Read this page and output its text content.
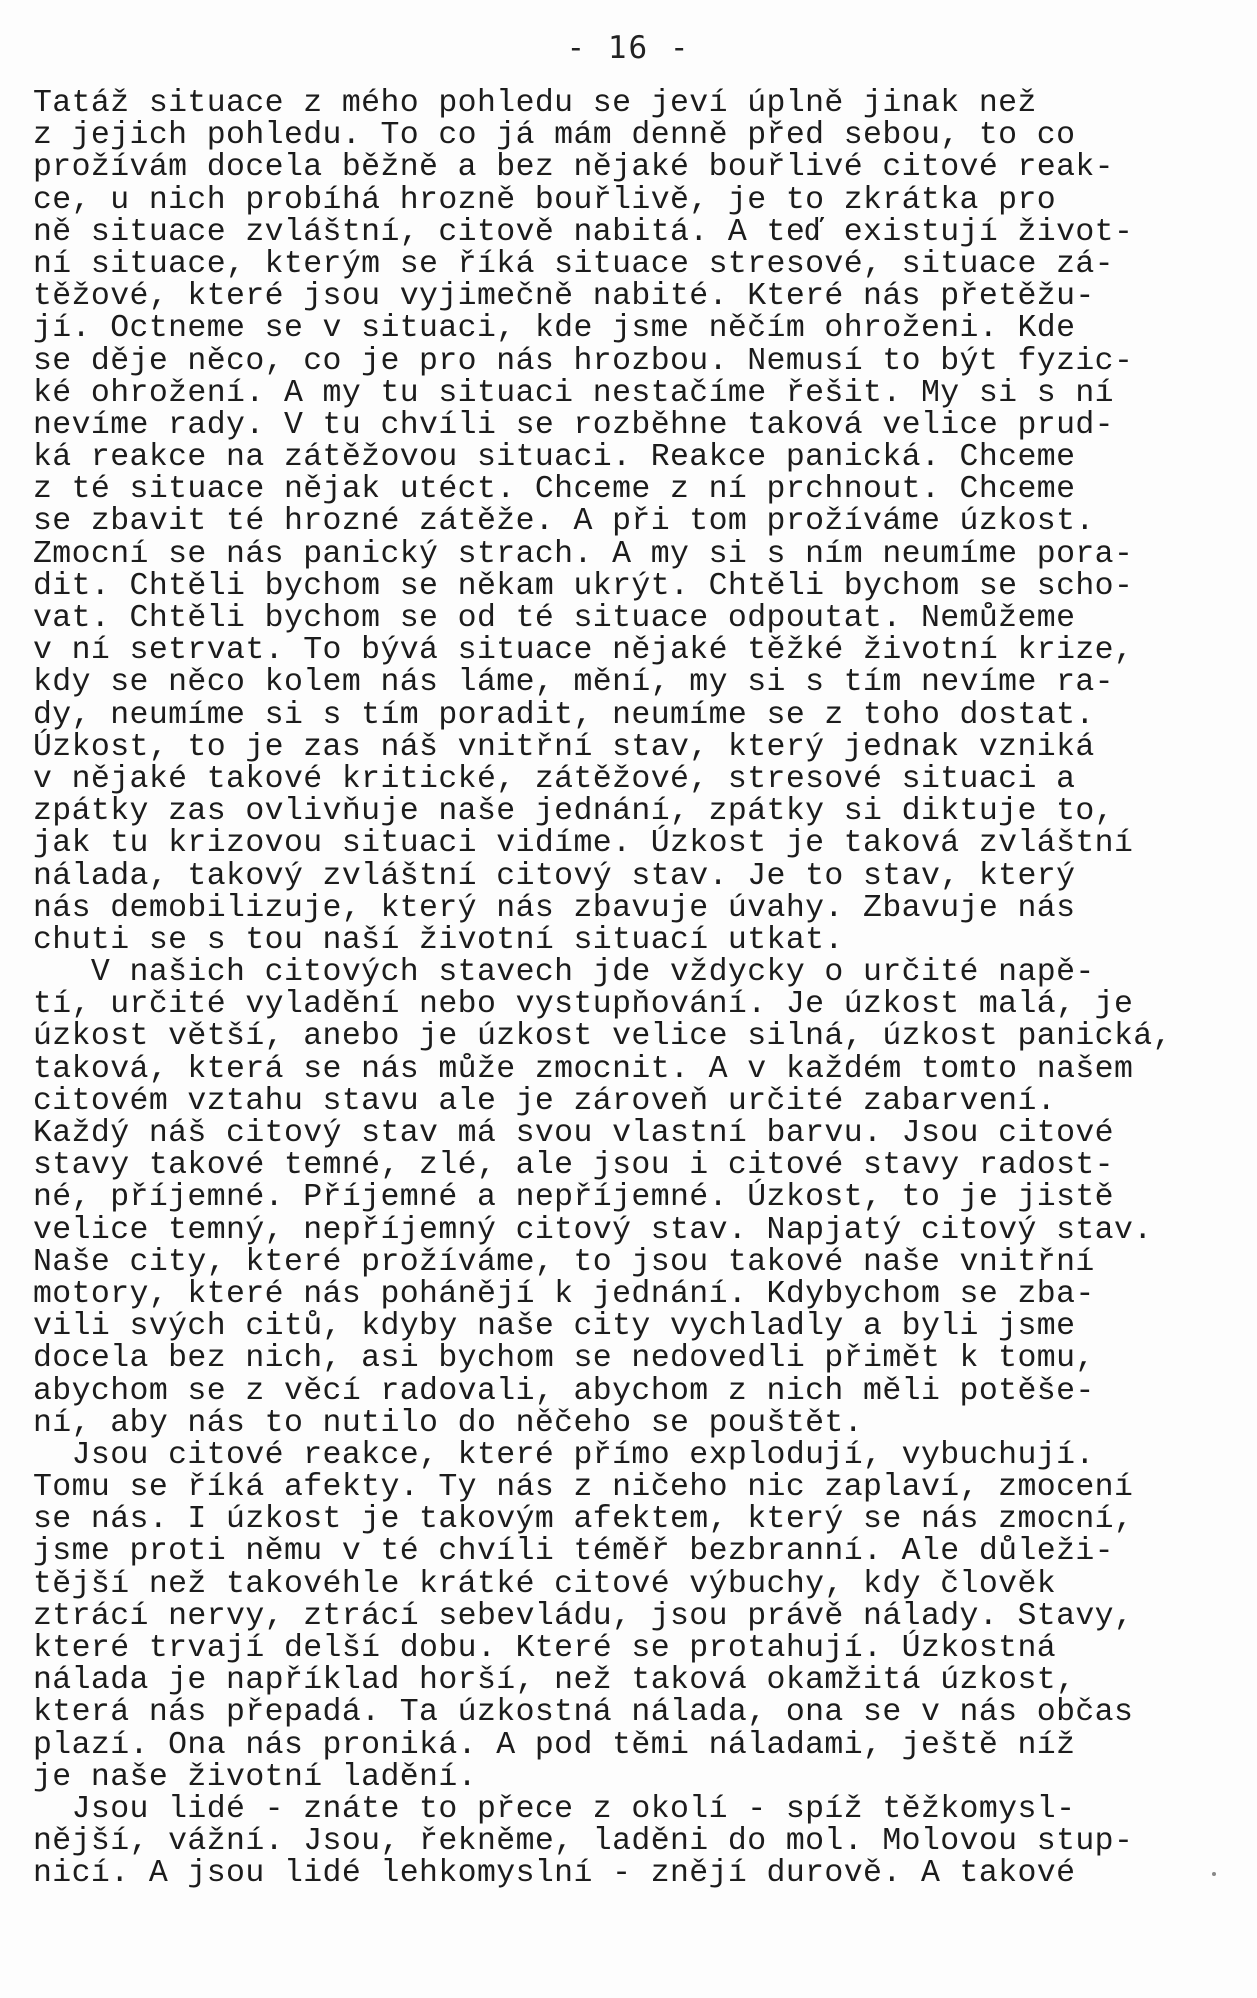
- 16 -
Tatáž situace z mého pohledu se jeví úplně jinak než
z jejich pohledu. To co já mám denně před sebou, to co
prožívám docela běžně a bez nějaké bouřlivé citové reak-
ce, u nich probíhá hrozně bouřlivě, je to zkrátka pro
ně situace zvláštní, citově nabitá. A teď existují život-
ní situace, kterým se říká situace stresové, situace zá-
těžové, které jsou vyjimečně nabité. Které nás přetěžu-
jí. Octneme se v situaci, kde jsme něčím ohroženi. Kde
se děje něco, co je pro nás hrozbou. Nemusí to být fyzic-
ké ohrožení. A my tu situaci nestačíme řešit. My si s ní
nevíme rady. V tu chvíli se rozběhne taková velice prud-
ká reakce na zátěžovou situaci. Reakce panická. Chceme
z té situace nějak utéct. Chceme z ní prchnout. Chceme
se zbavit té hrozné zátěže. A při tom prožíváme úzkost.
Zmocní se nás panický strach. A my si s ním neumíme pora-
dit. Chtěli bychom se někam ukrýt. Chtěli bychom se scho-
vat. Chtěli bychom se od té situace odpoutat. Nemůžeme
v ní setrvat. To bývá situace nějaké těžké životní krize,
kdy se něco kolem nás láme, mění, my si s tím nevíme ra-
dy, neumíme si s tím poradit, neumíme se z toho dostat.
Úzkost, to je zas náš vnitřní stav, který jednak vzniká
v nějaké takové kritické, zátěžové, stresové situaci a
zpátky zas ovlivňuje naše jednání, zpátky si diktuje to,
jak tu krizovou situaci vidíme. Úzkost je taková zvláštní
nálada, takový zvláštní citový stav. Je to stav, který
nás demobilizuje, který nás zbavuje úvahy. Zbavuje nás
chuti se s tou naší životní situací utkat.
V našich citových stavech jde vždycky o určité napě-
tí, určité vyladění nebo vystupňování. Je úzkost malá, je
úzkost větší, anebo je úzkost velice silná, úzkost panická,
taková, která se nás může zmocnit. A v každém tomto našem
citovém vztahu stavu ale je zároveň určité zabarvení.
Každý náš citový stav má svou vlastní barvu. Jsou citové
stavy takové temné, zlé, ale jsou i citové stavy radost-
né, příjemné. Příjemné a nepříjemné. Úzkost, to je jistě
velice temný, nepříjemný citový stav. Napjatý citový stav.
Naše city, které prožíváme, to jsou takové naše vnitřní
motory, které nás pohánějí k jednání. Kdybychom se zba-
vili svých citů, kdyby naše city vychladly a byli jsme
docela bez nich, asi bychom se nedovedli přimět k tomu,
abychom se z věcí radovali, abychom z nich měli potěše-
ní, aby nás to nutilo do něčeho se pouštět.
Jsou citové reakce, které přímo explodují, vybuchují.
Tomu se říká afekty. Ty nás z ničeho nic zaplaví, zmocení
se nás. I úzkost je takovým afektem, který se nás zmocní,
jsme proti němu v té chvíli téměř bezbranní. Ale důleži-
tější než takovéhle krátké citové výbuchy, kdy člověk
ztrácí nervy, ztrácí sebevládu, jsou právě nálady. Stavy,
které trvají delší dobu. Které se protahují. Úzkostná
nálada je například horší, než taková okamžitá úzkost,
která nás přepadá. Ta úzkostná nálada, ona se v nás občas
plazí. Ona nás proniká. A pod těmi náladami, ještě níž
je naše životní ladění.
Jsou lidé - znáte to přece z okolí - spíž těžkomysl-
nější, vážní. Jsou, řekněme, laděni do mol. Molovou stup-
nicí. A jsou lidé lehkomyslní - znějí durově. A takové
